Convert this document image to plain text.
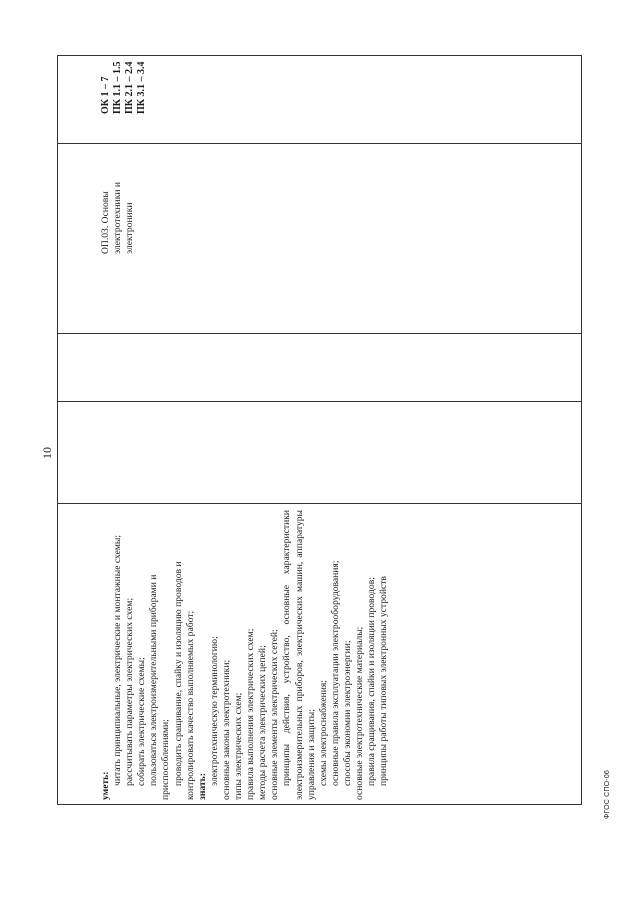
10

уметь: читать принципиальные, электрические и монтажные схемы; рассчитывать параметры электрических схем; собирать электрические схемы; пользоваться электроизмерительными приборами и приспособлениями; проводить сращивание, спайку и изоляцию проводов и контролировать качество выполняемых работ; знать:

электротехническую терминологию; основные законы электротехники; типы электрических схем; правила выполнения электрических схем; методы расчета электрических цепей; основные элементы электрических сетей; принципы действия, устройство, основные характеристики электроизмерительных приборов, электрических машин, аппаратуры управления и защиты; схемы электроснабжения; основные правила эксплуатации электрооборудования; способы экономии электроэнергии; основные электротехнические материалы; правила сращивания, спайки и изоляции проводов; принципы работы типовых электронных устройств

ОП.03. Основы электротехники и электроники
ОК 1 – 7 ПК 1.1 – 1.5 ПК 2.1 – 2.4 ПК 3.1 – 3.4
ФГОС СПО-06
